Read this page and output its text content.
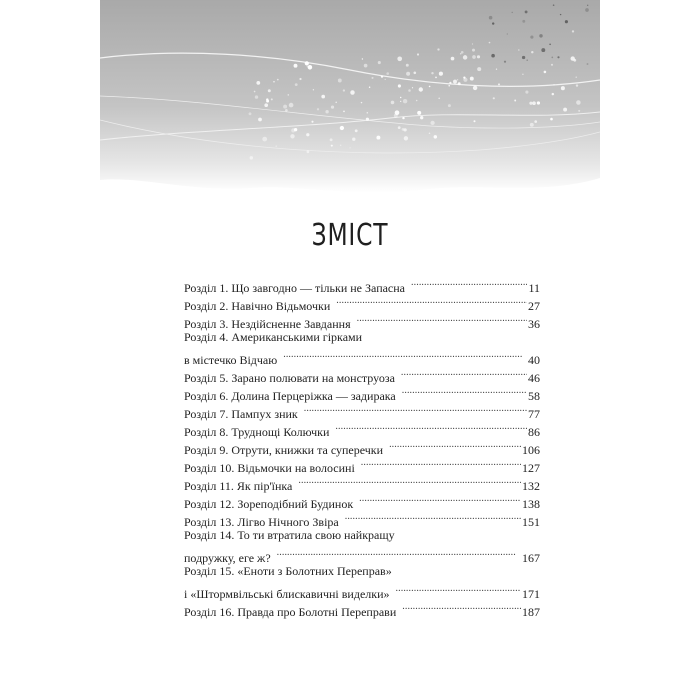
ЗМІСТ
Розділ 1. Що завгодно — тільки не Запасна . . .	11
Розділ 2. Навічно Відьмочки . . .	27
Розділ 3. Нездійсненне Завдання . . .	36
Розділ 4. Американськими гірками
в містечко Відчаю . . .	40
Розділ 5. Зарано полювати на монструоза . . .	46
Розділ 6. Долина Перцеріжка — задирака . . .	58
Розділ 7. Пампух зник . . .	77
Розділ 8. Труднощі Колючки . . .	86
Розділ 9. Отрути, книжки та суперечки . . .	106
Розділ 10. Відьмочки на волосині . . .	127
Розділ 11. Як пір'їнка . . .	132
Розділ 12. Зореподібний Будинок . . .	138
Розділ 13. Лігво Нічного Звіра . . .	151
Розділ 14. То ти втратила свою найкращу
подружку, еге ж? . . .	167
Розділ 15. «Еноти з Болотних Переправ»
і «Штормвільські блискавичні виделки» . . .	171
Розділ 16. Правда про Болотні Переправи . . .	187
